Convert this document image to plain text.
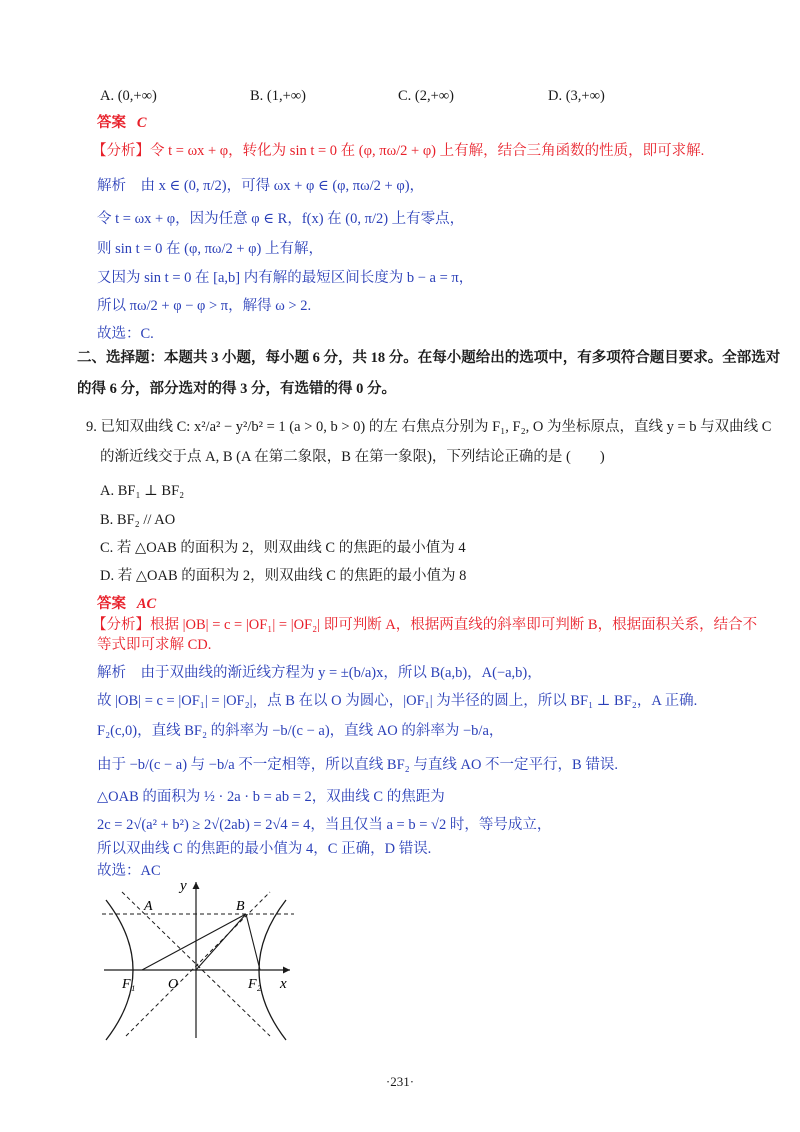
A. (0,+∞)	B. (1,+∞)	C. (2,+∞)	D. (3,+∞)
答案 C
【分析】令 t = ωx + φ，转化为 sin t = 0 在 (φ, πω/2 + φ) 上有解，结合三角函数的性质，即可求解.
解析　由 x ∈ (0, π/2)，可得 ωx + φ ∈ (φ, πω/2 + φ)，
令 t = ωx + φ，因为任意 φ ∈ R，f(x) 在 (0, π/2) 上有零点，
则 sin t = 0 在 (φ, πω/2 + φ) 上有解，
又因为 sin t = 0 在 [a,b] 内有解的最短区间长度为 b − a = π，
所以 πω/2 + φ − φ > π，解得 ω > 2.
故选：C.
二、选择题：本题共 3 小题，每小题 6 分，共 18 分。在每小题给出的选项中，有多项符合题目要求。全部选对
的得 6 分，部分选对的得 3 分，有选错的得 0 分。
9. 已知双曲线 C: x²/a² − y²/b² = 1 (a > 0, b > 0) 的左 右焦点分别为 F₁, F₂, O 为坐标原点，直线 y = b 与双曲线 C
的渐近线交于点 A, B (A 在第二象限，B 在第一象限)，下列结论正确的是 (　　)
A. BF₁ ⊥ BF₂
B. BF₂ // AO
C. 若 △OAB 的面积为 2，则双曲线 C 的焦距的最小值为 4
D. 若 △OAB 的面积为 2，则双曲线 C 的焦距的最小值为 8
答案 AC
【分析】根据 |OB| = c = |OF₁| = |OF₂| 即可判断 A，根据两直线的斜率即可判断 B，根据面积关系，结合不
等式即可求解 CD.
解析　由于双曲线的渐近线方程为 y = ±(b/a)x，所以 B(a,b)，A(−a,b)，
故 |OB| = c = |OF₁| = |OF₂|，点 B 在以 O 为圆心，|OF₁| 为半径的圆上，所以 BF₁ ⊥ BF₂，A 正确.
F₂(c,0)，直线 BF₂ 的斜率为 −b/(c − a)，直线 AO 的斜率为 −b/a，
由于 −b/(c − a) 与 −b/a 不一定相等，所以直线 BF₂ 与直线 AO 不一定平行，B 错误.
△OAB 的面积为 ½ · 2a · b = ab = 2，双曲线 C 的焦距为
2c = 2√(a² + b²) ≥ 2√(2ab) = 2√4 = 4，当且仅当 a = b = √2 时，等号成立，
所以双曲线 C 的焦距的最小值为 4，C 正确，D 错误.
故选：AC
A	B
O
F₁	F₂ x
y
·231·
